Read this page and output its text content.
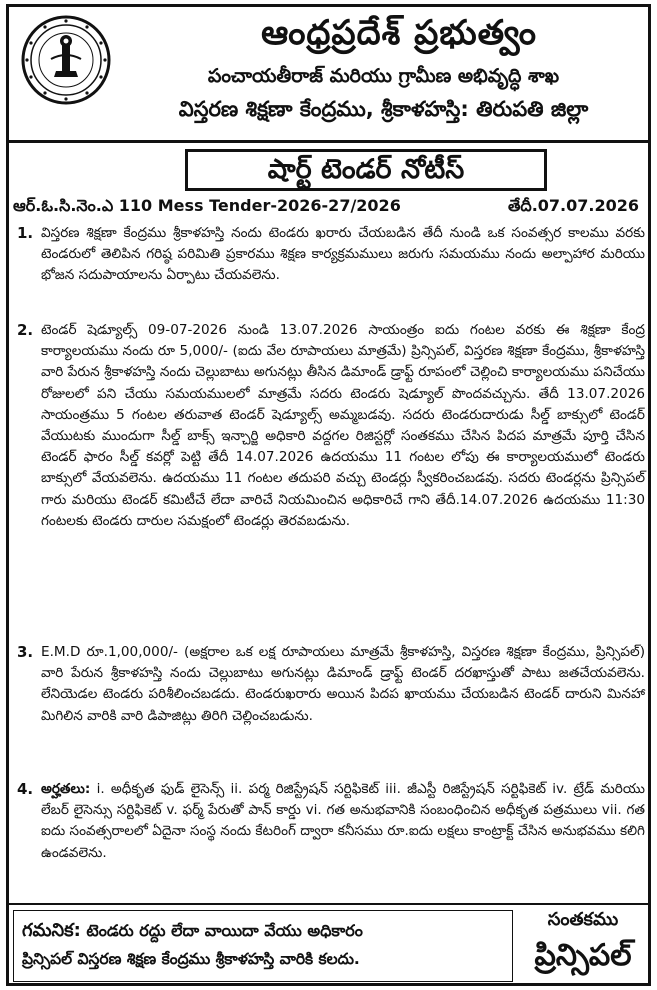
ఆంధ్రప్రదేశ్ ప్రభుత్వం
పంచాయతీరాజ్ మరియు గ్రామీణ అభివృద్ధి శాఖ
విస్తరణ శిక్షణా కేంద్రము, శ్రీకాళహస్తి: తిరుపతి జిల్లా
షార్ట్ టెండర్ నోటీస్
ఆర్.ఓ.సి.నెం.ఎ 110 Mess Tender-2026-27/2026	తేదీ.07.07.2026
1. విస్తరణ శిక్షణా కేంద్రము శ్రీకాళహస్తి నందు టెండరు ఖరారు చేయబడిన తేదీ నుండి ఒక సంవత్సర కాలము వరకు టెండరులో తెలిపిన గరిష్ఠ పరిమితి ప్రకారము శిక్షణ కార్యక్రమములు జరుగు సమయము నందు అల్పాహార మరియు భోజన సదుపాయాలను ఏర్పాటు చేయవలెను.
2. టెండర్ షెడ్యూల్స్ 09-07-2026 నుండి 13.07.2026 సాయంత్రం ఐదు గంటల వరకు ఈ శిక్షణా కేంద్ర కార్యాలయము నందు రూ 5,000/- (ఐదు వేల రూపాయలు మాత్రమే) ప్రిన్సిపల్, విస్తరణ శిక్షణా కేంద్రము, శ్రీకాళహస్తి వారి పేరున శ్రీకాళహస్తి నందు చెల్లుబాటు అగునట్లు తీసిన డిమాండ్ డ్రాఫ్ట్ రూపంలో చెల్లించి కార్యాలయము పనిచేయు రోజులలో పని చేయు సమయములలో మాత్రమే సదరు టెండరు షెడ్యూల్ పొందవచ్చును. తేదీ 13.07.2026 సాయంత్రము 5 గంటల తరువాత టెండర్ షెడ్యూల్స్ అమ్మబడవు. సదరు టెండరుదారుడు సీల్డ్ బాక్సులో టెండర్ వేయుటకు ముందుగా సీల్డ్ బాక్స్ ఇన్చార్జి అధికారి వద్దగల రిజిస్టర్లో సంతకము చేసిన పిదప మాత్రమే పూర్తి చేసిన టెండర్ ఫారం సీల్డ్ కవర్లో పెట్టి తేదీ 14.07.2026 ఉదయము 11 గంటల లోపు ఈ కార్యాలయములో టెండరు బాక్సులో వేయవలెను. ఉదయము 11 గంటల తదుపరి వచ్చు టెండర్లు స్వీకరించబడవు. సదరు టెండర్లను ప్రిన్సిపల్ గారు మరియు టెండర్ కమిటీచే లేదా వారిచే నియమించిన అధికారిచే గాని తేదీ.14.07.2026 ఉదయము 11:30 గంటలకు టెండరు దారుల సమక్షంలో టెండర్లు తెరవబడును.
3. E.M.D రూ.1,00,000/- (అక్షరాల ఒక లక్ష రూపాయలు మాత్రమే శ్రీకాళహస్తి, విస్తరణ శిక్షణా కేంద్రము, ప్రిన్సిపల్) వారి పేరున శ్రీకాళహస్తి నందు చెల్లుబాటు అగునట్లు డిమాండ్ డ్రాఫ్ట్ టెండర్ దరఖాస్తుతో పాటు జతచేయవలెను. లేనియెడల టెండరు పరిశీలించబడదు. టెండరుఖరారు అయిన పిదప ఖాయము చేయబడిన టెండర్ దారుని మినహా మిగిలిన వారికి వారి డిపాజిట్లు తిరిగి చెల్లించబడును.
4. అర్హతలు: i. అధీకృత ఫుడ్ లైసెన్స్ ii. పర్మ రిజిస్ట్రేషన్ సర్టిఫికెట్ iii. జీఎస్టీ రిజిస్ట్రేషన్ సర్టిఫికెట్ iv. ట్రేడ్ మరియు లేబర్ లైసెన్సు సర్టిఫికెట్ v. ఫర్మ్ పేరుతో పాన్ కార్డు vi. గత అనుభవానికి సంబంధించిన అధీకృత పత్రములు vii. గత ఐదు సంవత్సరాలలో ఏదైనా సంస్థ నందు కేటరింగ్ ద్వారా కనీసము రూ.ఐదు లక్షలు కాంట్రాక్ట్ చేసిన అనుభవము కలిగి ఉండవలెను.
గమనిక: టెండరు రద్దు లేదా వాయిదా వేయు అధికారం
ప్రిన్సిపల్ విస్తరణ శిక్షణ కేంద్రము శ్రీకాళహస్తి వారికి కలదు.
సంతకము
ప్రిన్సిపల్
